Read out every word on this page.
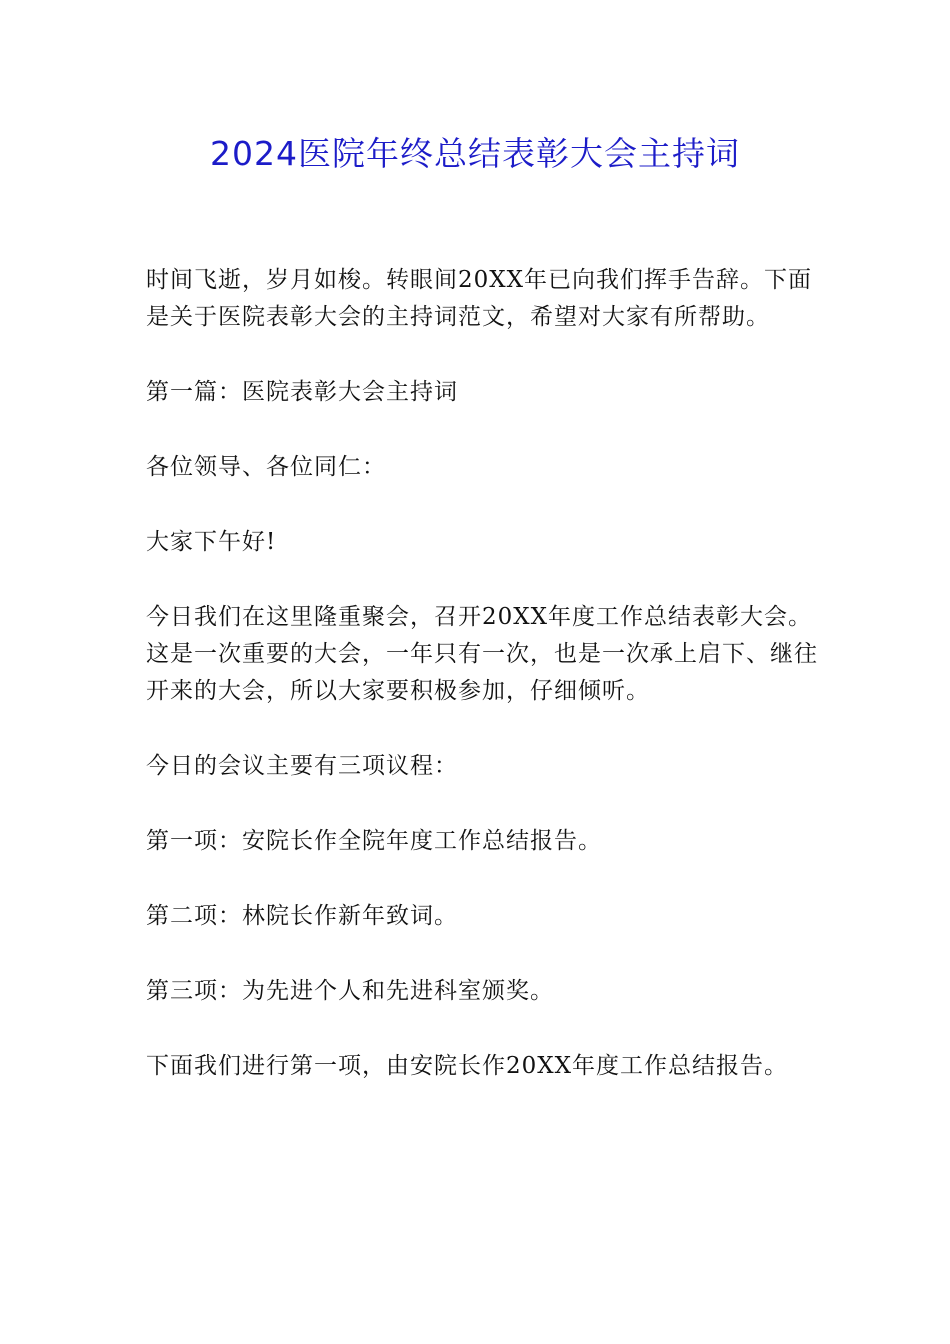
2024医院年终总结表彰大会主持词

时间飞逝，岁月如梭。转眼间20XX年已向我们挥手告辞。下面是关于医院表彰大会的主持词范文，希望对大家有所帮助。

第一篇：医院表彰大会主持词

各位领导、各位同仁：

大家下午好!

今日我们在这里隆重聚会，召开20XX年度工作总结表彰大会。这是一次重要的大会，一年只有一次，也是一次承上启下、继往开来的大会，所以大家要积极参加，仔细倾听。

今日的会议主要有三项议程：

第一项：安院长作全院年度工作总结报告。

第二项：林院长作新年致词。

第三项：为先进个人和先进科室颁奖。

下面我们进行第一项，由安院长作20XX年度工作总结报告。
